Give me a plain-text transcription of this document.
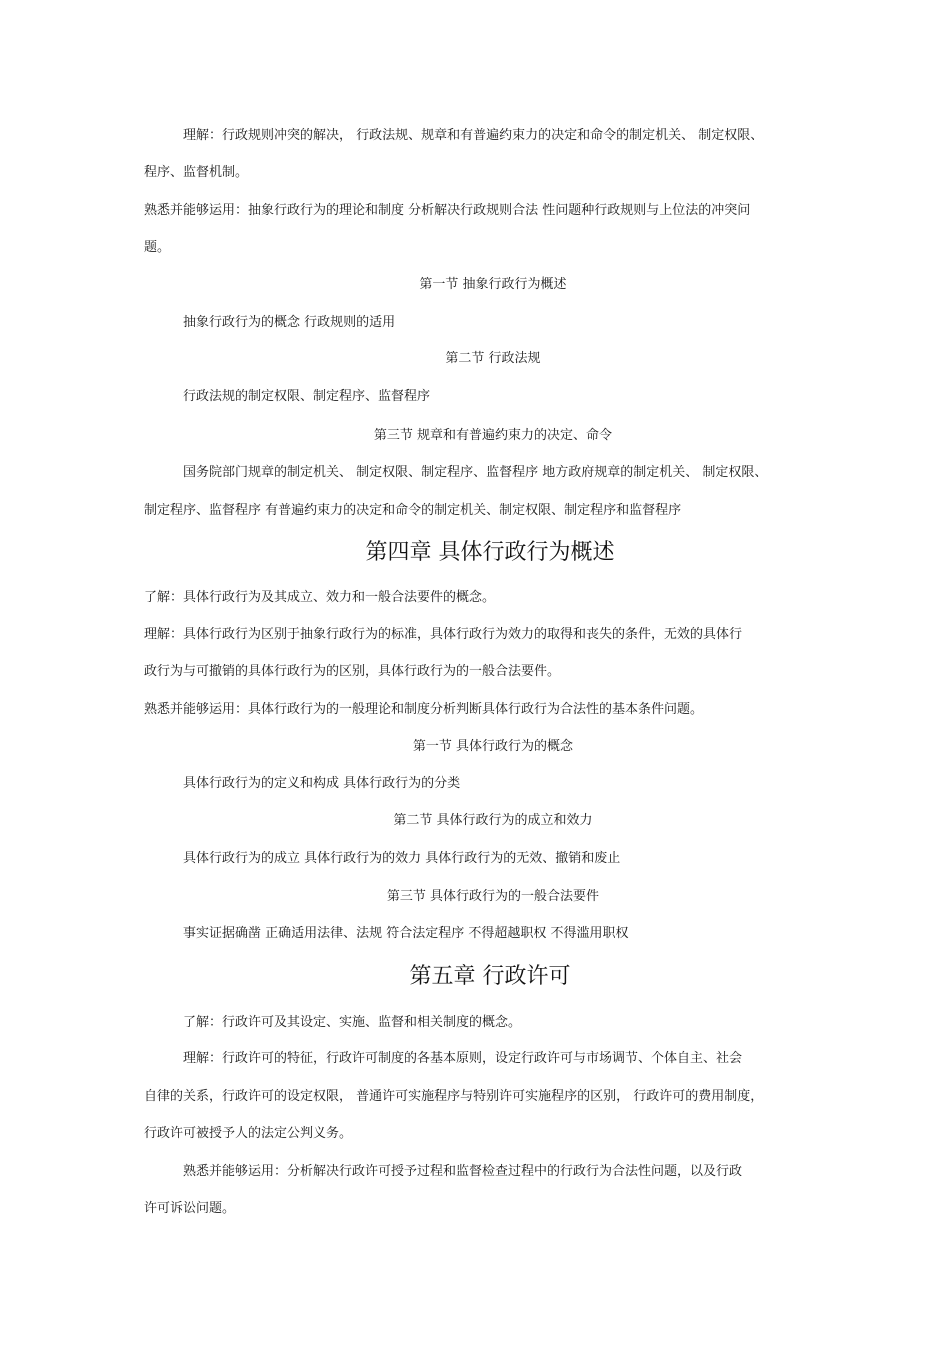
理解：行政规则冲突的解决， 行政法规、规章和有普遍约束力的决定和命令的制定机关、 制定权限、
程序、监督机制。
熟悉并能够运用：抽象行政行为的理论和制度 分析解决行政规则合法 性问题种行政规则与上位法的冲突问
题。
第一节 抽象行政行为概述
抽象行政行为的概念 行政规则的适用
第二节 行政法规
行政法规的制定权限、制定程序、监督程序
第三节 规章和有普遍约束力的决定、命令
国务院部门规章的制定机关、 制定权限、制定程序、监督程序 地方政府规章的制定机关、 制定权限、
制定程序、监督程序 有普遍约束力的决定和命令的制定机关、制定权限、制定程序和监督程序
第四章 具体行政行为概述
了解：具体行政行为及其成立、效力和一般合法要件的概念。
理解：具体行政行为区别于抽象行政行为的标准，具体行政行为效力的取得和丧失的条件，无效的具体行
政行为与可撤销的具体行政行为的区别，具体行政行为的一般合法要件。
熟悉并能够运用：具体行政行为的一般理论和制度分析判断具体行政行为合法性的基本条件问题。
第一节 具体行政行为的概念
具体行政行为的定义和构成 具体行政行为的分类
第二节 具体行政行为的成立和效力
具体行政行为的成立 具体行政行为的效力 具体行政行为的无效、撤销和废止
第三节 具体行政行为的一般合法要件
事实证据确凿 正确适用法律、法规 符合法定程序 不得超越职权 不得滥用职权
第五章 行政许可
了解：行政许可及其设定、实施、监督和相关制度的概念。
理解：行政许可的特征，行政许可制度的各基本原则，设定行政许可与市场调节、个体自主、社会
自律的关系，行政许可的设定权限， 普通许可实施程序与特别许可实施程序的区别， 行政许可的费用制度，
行政许可被授予人的法定公判义务。
熟悉并能够运用：分析解决行政许可授予过程和监督检查过程中的行政行为合法性问题，以及行政
许可诉讼问题。
